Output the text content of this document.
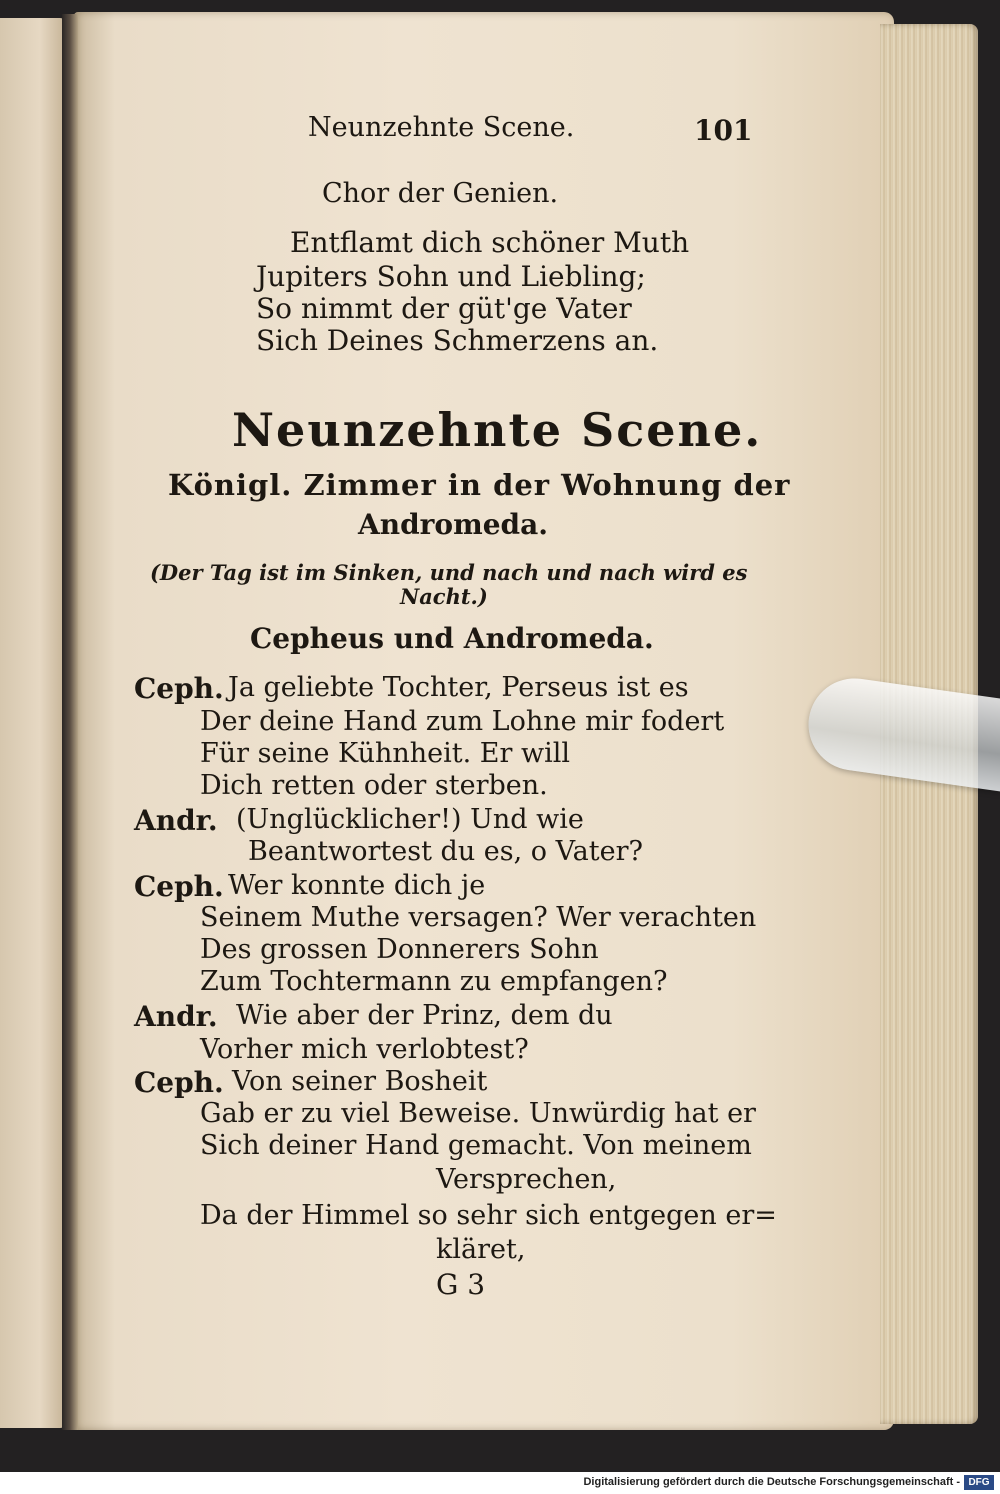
Neunzehnte Scene.	101
Chor der Genien.
Entflamt dich schöner Muth
Jupiters Sohn und Liebling;
So nimmt der güt'ge Vater
Sich Deines Schmerzens an.
Neunzehnte Scene.
Königl. Zimmer in der Wohnung der
Andromeda.
(Der Tag ist im Sinken, und nach und nach wird es
Nacht.)
Cepheus und Andromeda.
Ceph. Ja geliebte Tochter, Perseus ist es
Der deine Hand zum Lohne mir fodert
Für seine Kühnheit. Er will
Dich retten oder sterben.
Andr. (Unglücklicher!) Und wie
Beantwortest du es, o Vater?
Ceph. Wer konnte dich je
Seinem Muthe versagen? Wer verachten
Des grossen Donnerers Sohn
Zum Tochtermann zu empfangen?
Andr. Wie aber der Prinz, dem du
Vorher mich verlobtest?
Ceph. Von seiner Bosheit
Gab er zu viel Beweise. Unwürdig hat er
Sich deiner Hand gemacht. Von meinem
Versprechen,
Da der Himmel so sehr sich entgegen er=
kläret,
G 3
Digitalisierung gefördert durch die Deutsche Forschungsgemeinschaft - DFG
